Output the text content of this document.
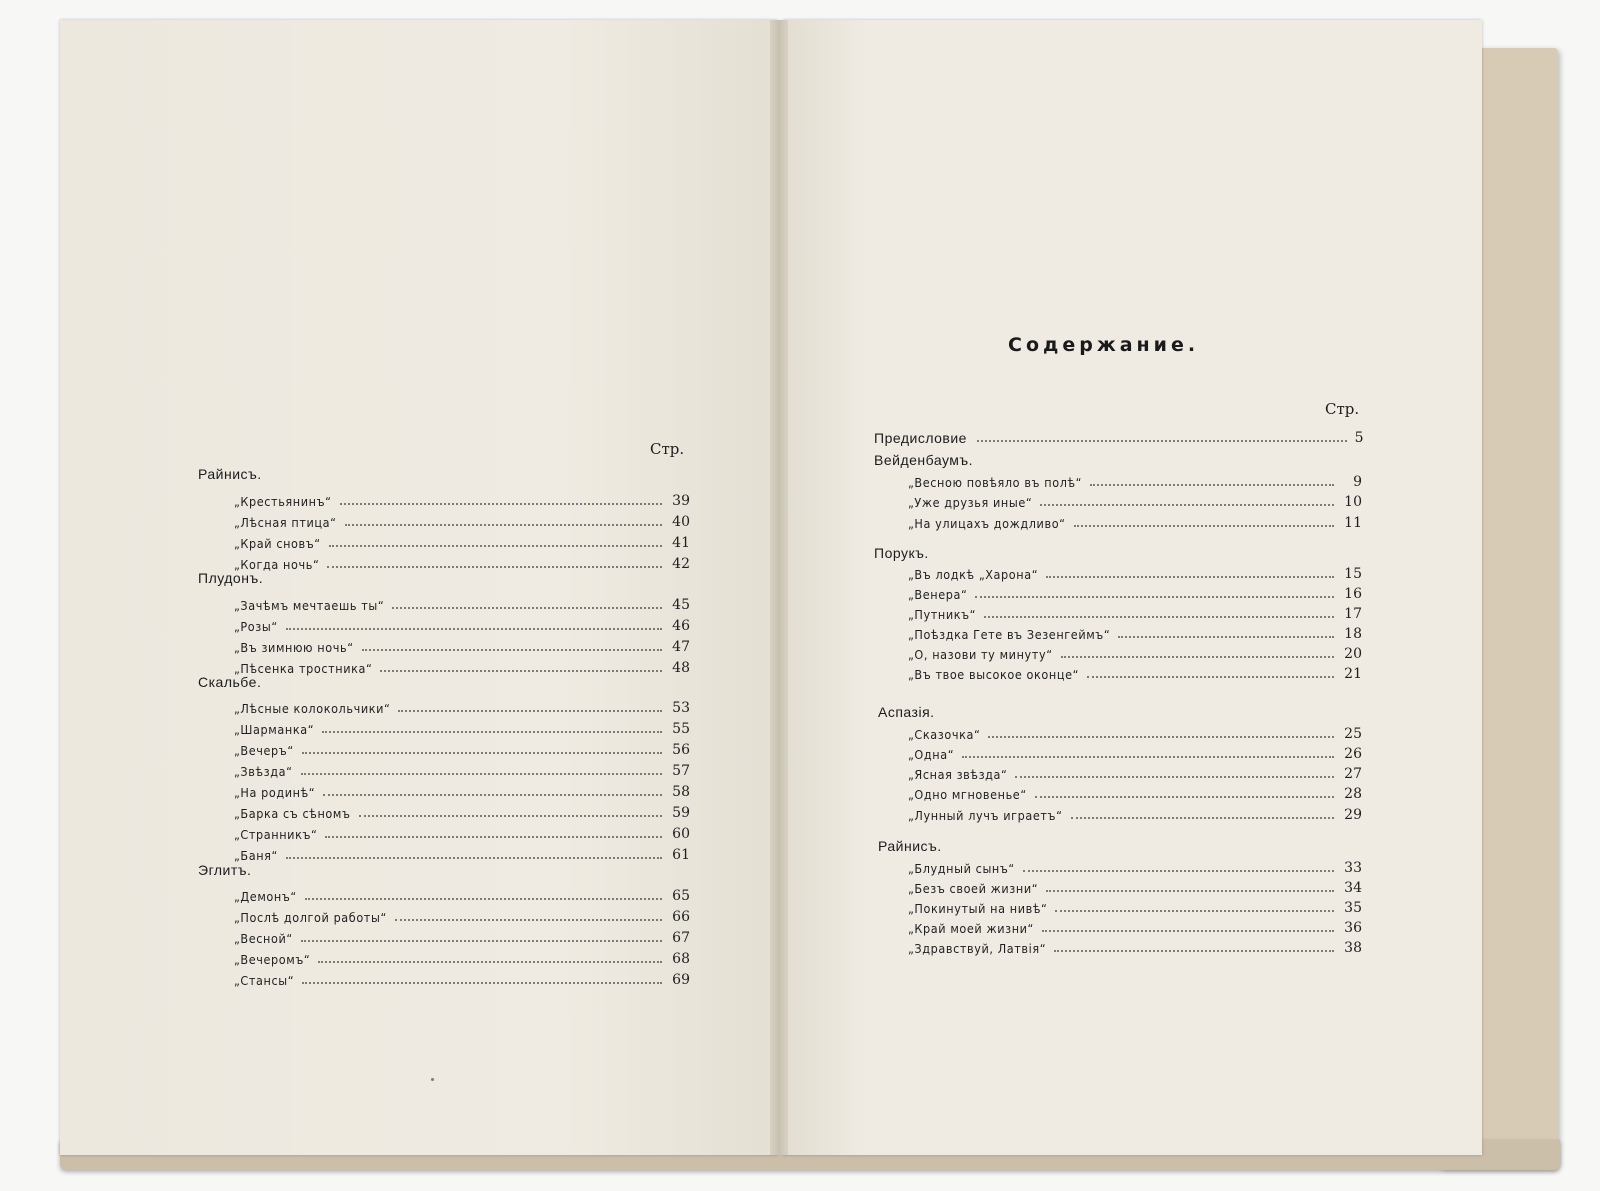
Содержание.
Стр.
Предисловие	5
Вейденбаумъ.
„Весною повѣяло въ полѣ“	9
„Уже друзья иные“	10
„На улицахъ дождливо“	11
Порукъ.
„Въ лодкѣ „Харона“	15
„Венера“	16
„Путникъ“	17
„Поѣздка Гете въ Зезенгеймъ“	18
„О, назови ту минуту“	20
„Въ твое высокое оконце“	21
Аспазія.
„Сказочка“	25
„Одна“	26
„Ясная звѣзда“	27
„Одно мгновенье“	28
„Лунный лучъ играетъ“	29
Райнисъ.
„Блудный сынъ“	33
„Безъ своей жизни“	34
„Покинутый на нивѣ“	35
„Край моей жизни“	36
„Здравствуй, Латвія“	38
Стр.
Райнисъ.
„Крестьянинъ“	39
„Лѣсная птица“	40
„Край сновъ“	41
„Когда ночь“	42
Плудонъ.
„Зачѣмъ мечтаешь ты“	45
„Розы“	46
„Въ зимнюю ночь“	47
„Пѣсенка тростника“	48
Скальбе.
„Лѣсные колокольчики“	53
„Шарманка“	55
„Вечеръ“	56
„Звѣзда“	57
„На родинѣ“	58
„Барка съ сѣномъ	59
„Странникъ“	60
„Баня“	61
Эглитъ.
„Демонъ“	65
„Послѣ долгой работы“	66
„Весной“	67
„Вечеромъ“	68
„Стансы“	69
